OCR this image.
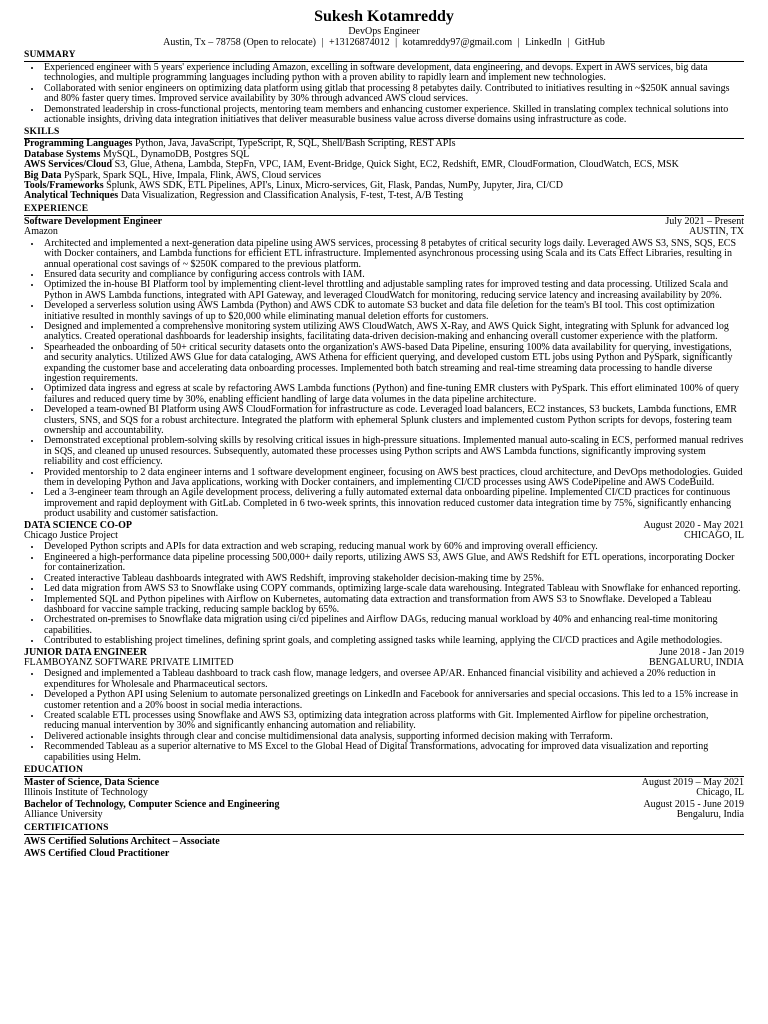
Sukesh Kotamreddy
DevOps Engineer
Austin, Tx – 78758 (Open to relocate) | +13126874012 | kotamreddy97@gmail.com | LinkedIn | GitHub
SUMMARY
• Experienced engineer with 5 years' experience including Amazon, excelling in software development, data engineering, and devops. Expert in AWS services, big data technologies, and multiple programming languages including python with a proven ability to rapidly learn and implement new technologies.
• Collaborated with senior engineers on optimizing data platform using gitlab that processing 8 petabytes daily. Contributed to initiatives resulting in ~$250K annual savings and 80% faster query times. Improved service availability by 30% through advanced AWS cloud services.
• Demonstrated leadership in cross-functional projects, mentoring team members and enhancing customer experience. Skilled in translating complex technical solutions into actionable insights, driving data integration initiatives that deliver measurable business value across diverse domains using infrastructure as code.
SKILLS
Programming Languages Python, Java, JavaScript, TypeScript, R, SQL, Shell/Bash Scripting, REST APIs
Database Systems MySQL, DynamoDB, Postgres SQL
AWS Services/Cloud S3, Glue, Athena, Lambda, StepFn, VPC, IAM, Event-Bridge, Quick Sight, EC2, Redshift, EMR, CloudFormation, CloudWatch, ECS, MSK
Big Data PySpark, Spark SQL, Hive, Impala, Flink, AWS, Cloud services
Tools/Frameworks Splunk, AWS SDK, ETL Pipelines, API's, Linux, Micro-services, Git, Flask, Pandas, NumPy, Jupyter, Jira, CI/CD
Analytical Techniques Data Visualization, Regression and Classification Analysis, F-test, T-test, A/B Testing
EXPERIENCE
Software Development Engineer	July 2021 – Present
Amazon	AUSTIN, TX
• Architected and implemented a next-generation data pipeline using AWS services, processing 8 petabytes of critical security logs daily. Leveraged AWS S3, SNS, SQS, ECS with Docker containers, and Lambda functions for efficient ETL infrastructure. Implemented asynchronous processing using Scala and its Cats Effect Libraries, resulting in annual operational cost savings of ~ $250K compared to the previous platform.
• Ensured data security and compliance by configuring access controls with IAM.
• Optimized the in-house BI Platform tool by implementing client-level throttling and adjustable sampling rates for improved testing and data processing. Utilized Scala and Python in AWS Lambda functions, integrated with API Gateway, and leveraged CloudWatch for monitoring, reducing service latency and increasing availability by 20%.
• Developed a serverless solution using AWS Lambda (Python) and AWS CDK to automate S3 bucket and data file deletion for the team's BI tool. This cost optimization initiative resulted in monthly savings of up to $20,000 while eliminating manual deletion efforts for customers.
• Designed and implemented a comprehensive monitoring system utilizing AWS CloudWatch, AWS X-Ray, and AWS Quick Sight, integrating with Splunk for advanced log analytics. Created operational dashboards for leadership insights, facilitating data-driven decision-making and enhancing overall customer experience with the platform.
• Spearheaded the onboarding of 50+ critical security datasets onto the organization's AWS-based Data Pipeline, ensuring 100% data availability for querying, investigations, and security analytics. Utilized AWS Glue for data cataloging, AWS Athena for efficient querying, and developed custom ETL jobs using Python and PySpark, significantly expanding the customer base and accelerating data onboarding processes. Implemented both batch streaming and real-time streaming data processing to handle diverse ingestion requirements.
• Optimized data ingress and egress at scale by refactoring AWS Lambda functions (Python) and fine-tuning EMR clusters with PySpark. This effort eliminated 100% of query failures and reduced query time by 30%, enabling efficient handling of large data volumes in the data pipeline architecture.
• Developed a team-owned BI Platform using AWS CloudFormation for infrastructure as code. Leveraged load balancers, EC2 instances, S3 buckets, Lambda functions, EMR clusters, SNS, and SQS for a robust architecture. Integrated the platform with ephemeral Splunk clusters and implemented custom Python scripts for devops, fostering team ownership and accountability.
• Demonstrated exceptional problem-solving skills by resolving critical issues in high-pressure situations. Implemented manual auto-scaling in ECS, performed manual redrives in SQS, and cleaned up unused resources. Subsequently, automated these processes using Python scripts and AWS Lambda functions, significantly improving system reliability and cost efficiency.
• Provided mentorship to 2 data engineer interns and 1 software development engineer, focusing on AWS best practices, cloud architecture, and DevOps methodologies. Guided them in developing Python and Java applications, working with Docker containers, and implementing CI/CD processes using AWS CodePipeline and AWS CodeBuild.
• Led a 3-engineer team through an Agile development process, delivering a fully automated external data onboarding pipeline. Implemented CI/CD practices for continuous improvement and rapid deployment with GitLab. Completed in 6 two-week sprints, this innovation reduced customer data integration time by 75%, significantly enhancing product usability and customer satisfaction.
DATA SCIENCE CO-OP	August 2020 - May 2021
Chicago Justice Project	CHICAGO, IL
• Developed Python scripts and APIs for data extraction and web scraping, reducing manual work by 60% and improving overall efficiency.
• Engineered a high-performance data pipeline processing 500,000+ daily reports, utilizing AWS S3, AWS Glue, and AWS Redshift for ETL operations, incorporating Docker for containerization.
• Created interactive Tableau dashboards integrated with AWS Redshift, improving stakeholder decision-making time by 25%.
• Led data migration from AWS S3 to Snowflake using COPY commands, optimizing large-scale data warehousing. Integrated Tableau with Snowflake for enhanced reporting.
• Implemented SQL and Python pipelines with Airflow on Kubernetes, automating data extraction and transformation from AWS S3 to Snowflake. Developed a Tableau dashboard for vaccine sample tracking, reducing sample backlog by 65%.
• Orchestrated on-premises to Snowflake data migration using ci/cd pipelines and Airflow DAGs, reducing manual workload by 40% and enhancing real-time monitoring capabilities.
• Contributed to establishing project timelines, defining sprint goals, and completing assigned tasks while learning, applying the CI/CD practices and Agile methodologies.
JUNIOR DATA ENGINEER	June 2018 - Jan 2019
FLAMBOYANZ SOFTWARE PRIVATE LIMITED	BENGALURU, INDIA
• Designed and implemented a Tableau dashboard to track cash flow, manage ledgers, and oversee AP/AR. Enhanced financial visibility and achieved a 20% reduction in expenditures for Wholesale and Pharmaceutical sectors.
• Developed a Python API using Selenium to automate personalized greetings on LinkedIn and Facebook for anniversaries and special occasions. This led to a 15% increase in customer retention and a 20% boost in social media interactions.
• Created scalable ETL processes using Snowflake and AWS S3, optimizing data integration across platforms with Git. Implemented Airflow for pipeline orchestration, reducing manual intervention by 30% and significantly enhancing automation and reliability.
• Delivered actionable insights through clear and concise multidimensional data analysis, supporting informed decision making with Terraform.
• Recommended Tableau as a superior alternative to MS Excel to the Global Head of Digital Transformations, advocating for improved data visualization and reporting capabilities using Helm.
EDUCATION
Master of Science, Data Science	August 2019 – May 2021
Illinois Institute of Technology	Chicago, IL
Bachelor of Technology, Computer Science and Engineering	August 2015 - June 2019
Alliance University	Bengaluru, India
CERTIFICATIONS
AWS Certified Solutions Architect – Associate
AWS Certified Cloud Practitioner
